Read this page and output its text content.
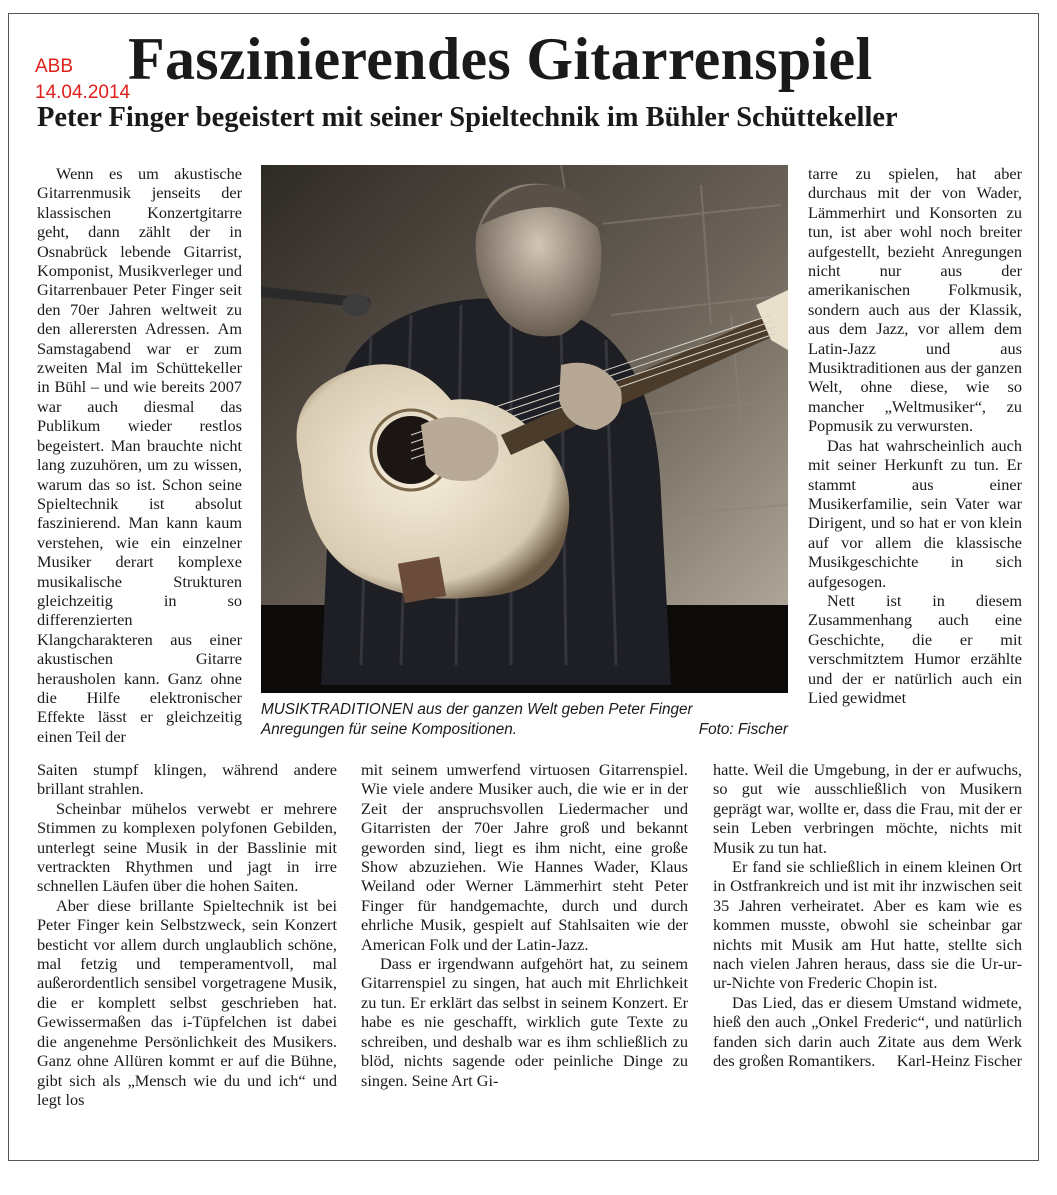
ABB
14.04.2014
Faszinierendes Gitarrenspiel
Peter Finger begeistert mit seiner Spieltechnik im Bühler Schüttekeller

Wenn es um akustische Gitarrenmusik jenseits der klassischen Konzertgitarre geht, dann zählt der in Osnabrück lebende Gitarrist, Komponist, Musikverleger und Gitarrenbauer Peter Finger seit den 70er Jahren weltweit zu den allerersten Adressen. Am Samstagabend war er zum zweiten Mal im Schüttekeller in Bühl – und wie bereits 2007 war auch diesmal das Publikum wieder restlos begeistert. Man brauchte nicht lang zuzuhören, um zu wissen, warum das so ist. Schon seine Spieltechnik ist absolut faszinierend. Man kann kaum verstehen, wie ein einzelner Musiker derart komplexe musikalische Strukturen gleichzeitig in so differenzierten Klangcharakteren aus einer akustischen Gitarre herausholen kann. Ganz ohne die Hilfe elektronischer Effekte lässt er gleichzeitig einen Teil der

MUSIKTRADITIONEN aus der ganzen Welt geben Peter Finger
Anregungen für seine Kompositionen.	Foto: Fischer

Saiten stumpf klingen, während andere brillant strahlen.

Scheinbar mühelos verwebt er mehrere Stimmen zu komplexen polyfonen Gebilden, unterlegt seine Musik in der Basslinie mit vertrackten Rhythmen und jagt in irre schnellen Läufen über die hohen Saiten.

Aber diese brillante Spieltechnik ist bei Peter Finger kein Selbstzweck, sein Konzert besticht vor allem durch unglaublich schöne, mal fetzig und temperamentvoll, mal außerordentlich sensibel vorgetragene Musik, die er komplett selbst geschrieben hat. Gewissermaßen das i-Tüpfelchen ist dabei die angenehme Persönlichkeit des Musikers. Ganz ohne Allüren kommt er auf die Bühne, gibt sich als „Mensch wie du und ich“ und legt los

mit seinem umwerfend virtuosen Gitarrenspiel. Wie viele andere Musiker auch, die wie er in der Zeit der anspruchsvollen Liedermacher und Gitarristen der 70er Jahre groß und bekannt geworden sind, liegt es ihm nicht, eine große Show abzuziehen. Wie Hannes Wader, Klaus Weiland oder Werner Lämmerhirt steht Peter Finger für handgemachte, durch und durch ehrliche Musik, gespielt auf Stahlsaiten wie der American Folk und der Latin-Jazz.

Dass er irgendwann aufgehört hat, zu seinem Gitarrenspiel zu singen, hat auch mit Ehrlichkeit zu tun. Er erklärt das selbst in seinem Konzert. Er habe es nie geschafft, wirklich gute Texte zu schreiben, und deshalb war es ihm schließlich zu blöd, nichts sagende oder peinliche Dinge zu singen. Seine Art Gi-

tarre zu spielen, hat aber durchaus mit der von Wader, Lämmerhirt und Konsorten zu tun, ist aber wohl noch breiter aufgestellt, bezieht Anregungen nicht nur aus der amerikanischen Folkmusik, sondern auch aus der Klassik, aus dem Jazz, vor allem dem Latin-Jazz und aus Musiktraditionen aus der ganzen Welt, ohne diese, wie so mancher „Weltmusiker“, zu Popmusik zu verwursten.

Das hat wahrscheinlich auch mit seiner Herkunft zu tun. Er stammt aus einer Musikerfamilie, sein Vater war Dirigent, und so hat er von klein auf vor allem die klassische Musikgeschichte in sich aufgesogen.

Nett ist in diesem Zusammenhang auch eine Geschichte, die er mit verschmitztem Humor erzählte und der er natürlich auch ein Lied gewidmet

hatte. Weil die Umgebung, in der er aufwuchs, so gut wie ausschließlich von Musikern geprägt war, wollte er, dass die Frau, mit der er sein Leben verbringen möchte, nichts mit Musik zu tun hat.

Er fand sie schließlich in einem kleinen Ort in Ostfrankreich und ist mit ihr inzwischen seit 35 Jahren verheiratet. Aber es kam wie es kommen musste, obwohl sie scheinbar gar nichts mit Musik am Hut hatte, stellte sich nach vielen Jahren heraus, dass sie die Ur-ur-ur-Nichte von Frederic Chopin ist.

Das Lied, das er diesem Umstand widmete, hieß den auch „Onkel Frederic“, und natürlich fanden sich darin auch Zitate aus dem Werk des großen Romantikers.	Karl-Heinz Fischer
